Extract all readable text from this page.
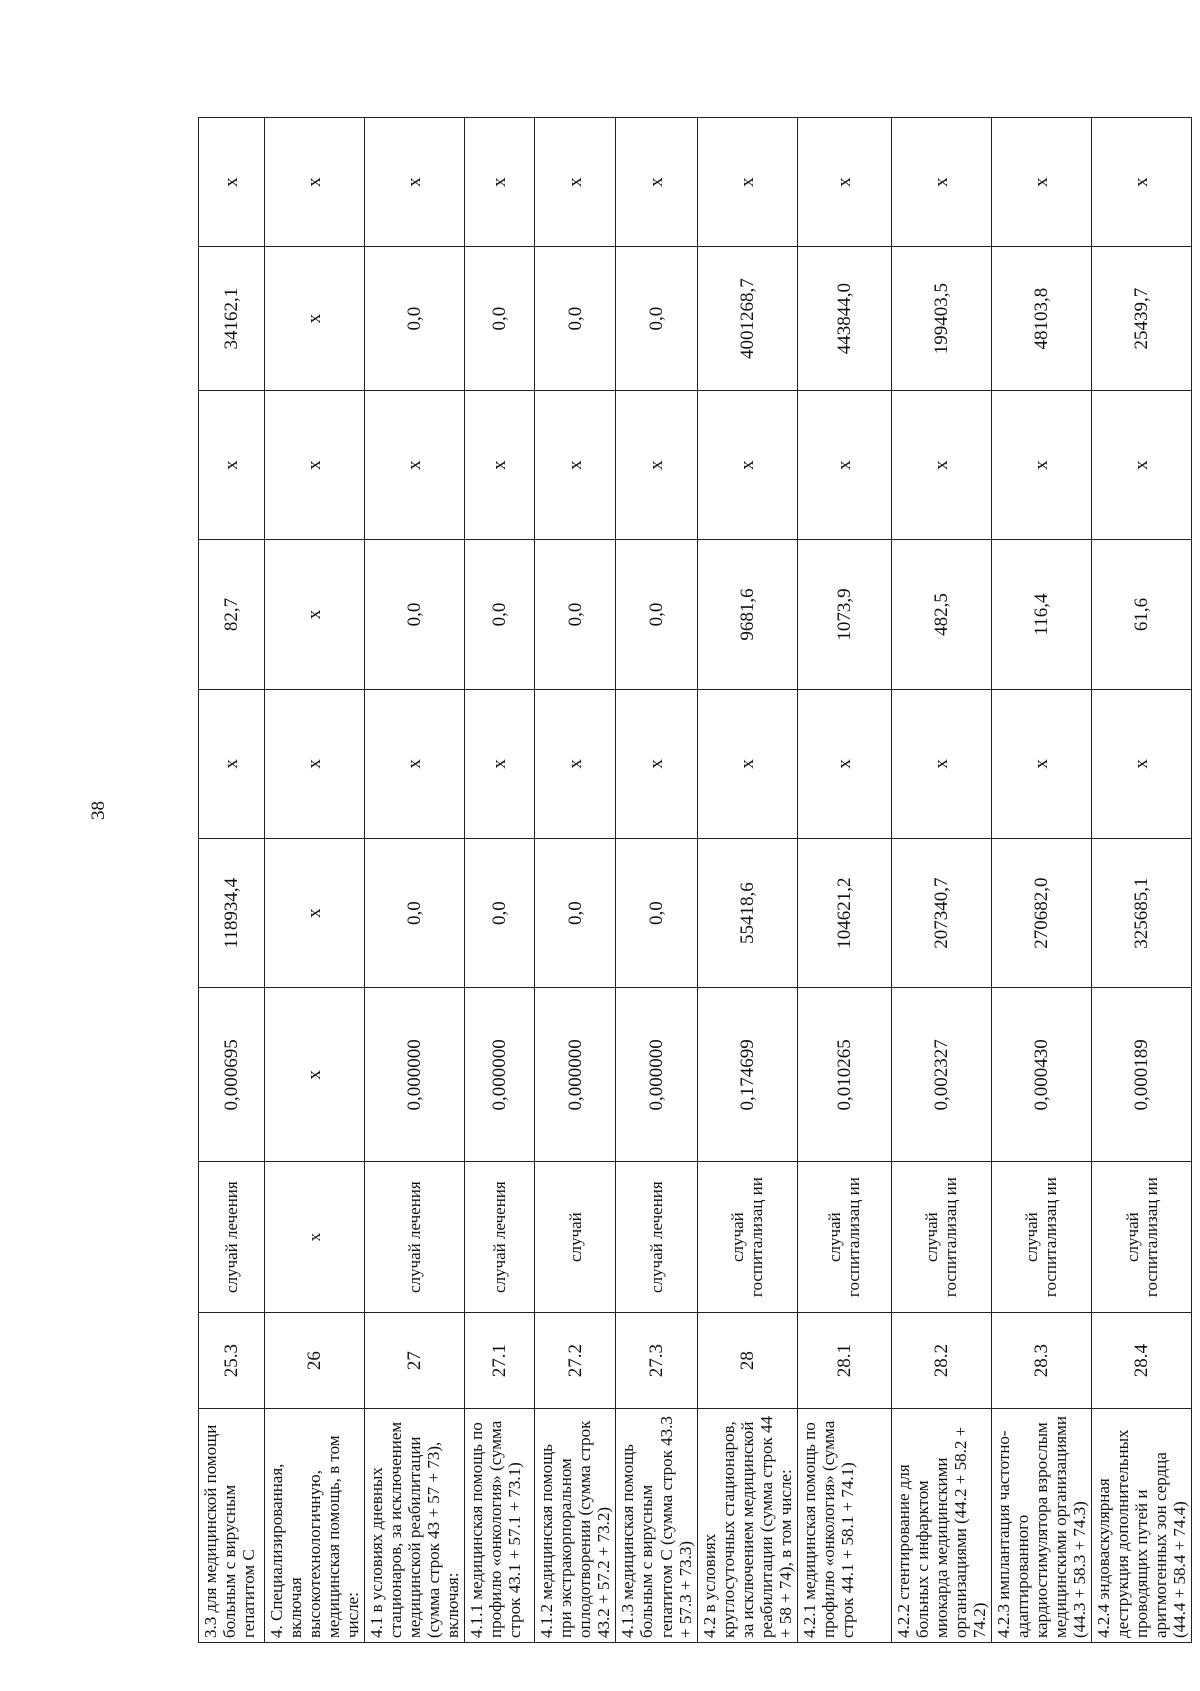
38
3.3 для медицинской помощи больным с вирусным гепатитом С	25.3	случай лечения	0,000695	118934,4	x	82,7	x	34162,1	x
4. Специализированная, включая высокотехнологичную, медицинская помощь, в том числе:	26	x	x	x	x	x	x	x	x
4.1 в условиях дневных стационаров, за исключением медицинской реабилитации (сумма строк 43 + 57 + 73), включая:	27	случай лечения	0,000000	0,0	x	0,0	x	0,0	x
4.1.1 медицинская помощь по профилю «онкология» (сумма строк 43.1 + 57.1 + 73.1)	27.1	случай лечения	0,000000	0,0	x	0,0	x	0,0	x
4.1.2 медицинская помощь при экстракорпоральном оплодотворении (сумма строк 43.2 + 57.2 + 73.2)	27.2	случай	0,000000	0,0	x	0,0	x	0,0	x
4.1.3 медицинская помощь больным с вирусным гепатитом С (сумма строк 43.3 + 57.3 + 73.3)	27.3	случай лечения	0,000000	0,0	x	0,0	x	0,0	x
4.2 в условиях круглосуточных стационаров, за исключением медицинской реабилитации (сумма строк 44 + 58 + 74), в том числе:	28	случай госпитализац ии	0,174699	55418,6	x	9681,6	x	4001268,7	x
4.2.1 медицинская помощь по профилю «онкология» (сумма строк 44.1 + 58.1 + 74.1)	28.1	случай госпитализац ии	0,010265	104621,2	x	1073,9	x	443844,0	x
4.2.2 стентирование для больных с инфарктом миокарда медицинскими организациями (44.2 + 58.2 + 74.2)	28.2	случай госпитализац ии	0,002327	207340,7	x	482,5	x	199403,5	x
4.2.3 имплантация частотно-адаптированного кардиостимулятора взрослым медицинскими организациями (44.3 + 58.3 + 74.3)	28.3	случай госпитализац ии	0,000430	270682,0	x	116,4	x	48103,8	x
4.2.4 эндоваскулярная деструкция дополнительных проводящих путей и аритмогенных зон сердца (44.4 + 58.4 + 74.4)	28.4	случай госпитализац ии	0,000189	325685,1	x	61,6	x	25439,7	x
